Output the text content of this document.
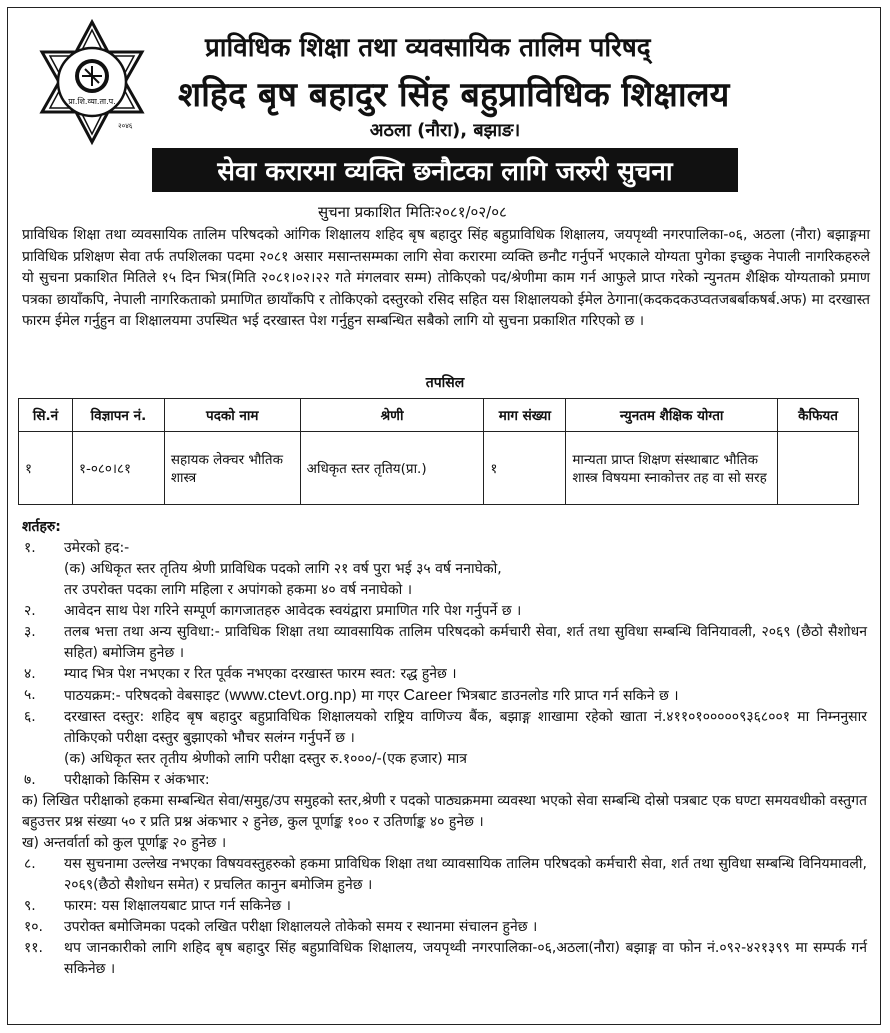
प्रा.शि.व्या.ता.प.
२०४६
प्राविधिक शिक्षा तथा व्यवसायिक तालिम परिषद्
शहिद बृष बहादुर सिंह बहुप्राविधिक शिक्षालय
अठला (नौरा), बझाङ।
सेवा करारमा व्यक्ति छनौटका लागि जरुरी सुचना
सुचना प्रकाशित मितिः२०८१/०२/०८

प्राविधिक शिक्षा तथा व्यवसायिक तालिम परिषदको आंगिक शिक्षालय शहिद बृष बहादुर सिंह बहुप्राविधिक शिक्षालय, जयपृथ्वी नगरपालिका-०६, अठला (नौरा) बझाङ्गमा प्राविधिक प्रशिक्षण सेवा तर्फ तपशिलका पदमा २०८१ असार मसान्तसम्मका लागि सेवा करारमा व्यक्ति छनौट गर्नुपर्ने भएकाले योग्यता पुगेका इच्छुक नेपाली नागरिकहरुले यो सुचना प्रकाशित मितिले १५ दिन भित्र(मिति २०८१।०२।२२ गते मंगलवार सम्म) तोकिएको पद/श्रेणीमा काम गर्न आफुले प्राप्त गरेको न्युनतम शैक्षिक योग्यताको प्रमाण पत्रका छायाँकपि, नेपाली नागरिकताको प्रमाणित छायाँकपि र तोकिएको दस्तुरको रसिद सहित यस शिक्षालयको ईमेल ठेगाना(कदकदकउप्वतजबर्बाकषर्ब.अफ) मा दरखास्त फारम ईमेल गर्नुहुन वा शिक्षालयमा उपस्थित भई दरखास्त पेश गर्नुहुन सम्बन्धित सबैको लागि यो सुचना प्रकाशित गरिएको छ ।

तपसिल
सि.नं	विज्ञापन नं.	पदको नाम	श्रेणी	माग संख्या	न्युनतम शैक्षिक योग्ता	कैफियत
१	१-०८०।८१	सहायक लेक्चर भौतिक शास्त्र	अधिकृत स्तर तृतिय(प्रा.)	१	मान्यता प्राप्त शिक्षण संस्थाबाट भौतिक शास्त्र विषयमा स्नाकोत्तर तह वा सो सरह	
शर्तहरु:
१.	उमेरको हद:-
(क) अधिकृत स्तर तृतिय श्रेणी प्राविधिक पदको लागि २१ वर्ष पुरा भई ३५ वर्ष ननाघेको,
तर उपरोक्त पदका लागि महिला र अपांगको हकमा ४० वर्ष ननाघेको ।
२.	आवेदन साथ पेश गरिने सम्पूर्ण कागजातहरु आवेदक स्वयंद्वारा प्रमाणित गरि पेश गर्नुपर्ने छ ।
३.	तलब भत्ता तथा अन्य सुविधा:- प्राविधिक शिक्षा तथा व्यावसायिक तालिम परिषदको कर्मचारी सेवा, शर्त तथा सुविधा सम्बन्धि विनियावली, २०६९ (छैठो सैशोधन सहित) बमोजिम हुनेछ ।
४.	म्याद भित्र पेश नभएका र रित पूर्वक नभएका दरखास्त फारम स्वत: रद्ध हुनेछ ।
५.	पाठयक्रम:- परिषदको वेबसाइट (www.ctevt.org.np) मा गएर Career भित्रबाट डाउनलोड गरि प्राप्त गर्न सकिने छ ।
६.	दरखास्त दस्तुर: शहिद बृष बहादुर बहुप्राविधिक शिक्षालयको राष्ट्रिय वाणिज्य बैंक, बझाङ्ग शाखामा रहेको खाता नं.४११०१०००००९३६८००१ मा निम्ननुसार तोकिएको परीक्षा दस्तुर बुझाएको भौचर सलंग्न गर्नुपर्ने छ ।
(क) अधिकृत स्तर तृतीय श्रेणीको लागि परीक्षा दस्तुर रु.१०००/-(एक हजार) मात्र
७.	परीक्षाको किसिम र अंकभार:
क) लिखित परीक्षाको हकमा सम्बन्धित सेवा/समुह/उप समुहको स्तर,श्रेणी र पदको पाठ्यक्रममा व्यवस्था भएको सेवा सम्बन्धि दोस्रो पत्रबाट एक घण्टा समयवधीको वस्तुगत बहुउत्तर प्रश्न संख्या ५० र प्रति प्रश्न अंकभार २ हुनेछ, कुल पूर्णाङ्क १०० र उतिर्णाङ्क ४० हुनेछ ।
ख) अन्तर्वार्ता को कुल पूर्णाङ्क २० हुनेछ ।
८.	यस सुचनामा उल्लेख नभएका विषयवस्तुहरुको हकमा प्राविधिक शिक्षा तथा व्यावसायिक तालिम परिषदको कर्मचारी सेवा, शर्त तथा सुविधा सम्बन्धि विनियमावली, २०६९(छैठो सैशोधन समेत) र प्रचलित कानुन बमोजिम हुनेछ ।
९.	फारम: यस शिक्षालयबाट प्राप्त गर्न सकिनेछ ।
१०.	उपरोक्त बमोजिमका पदको लखित परीक्षा शिक्षालयले तोकेको समय र स्थानमा संचालन हुनेछ ।
११.	थप जानकारीको लागि शहिद बृष बहादुर सिंह बहुप्राविधिक शिक्षालय, जयपृथ्वी नगरपालिका-०६,अठला(नौरा) बझाङ्ग वा फोन नं.०९२-४२१३९९ मा सम्पर्क गर्न सकिनेछ ।
